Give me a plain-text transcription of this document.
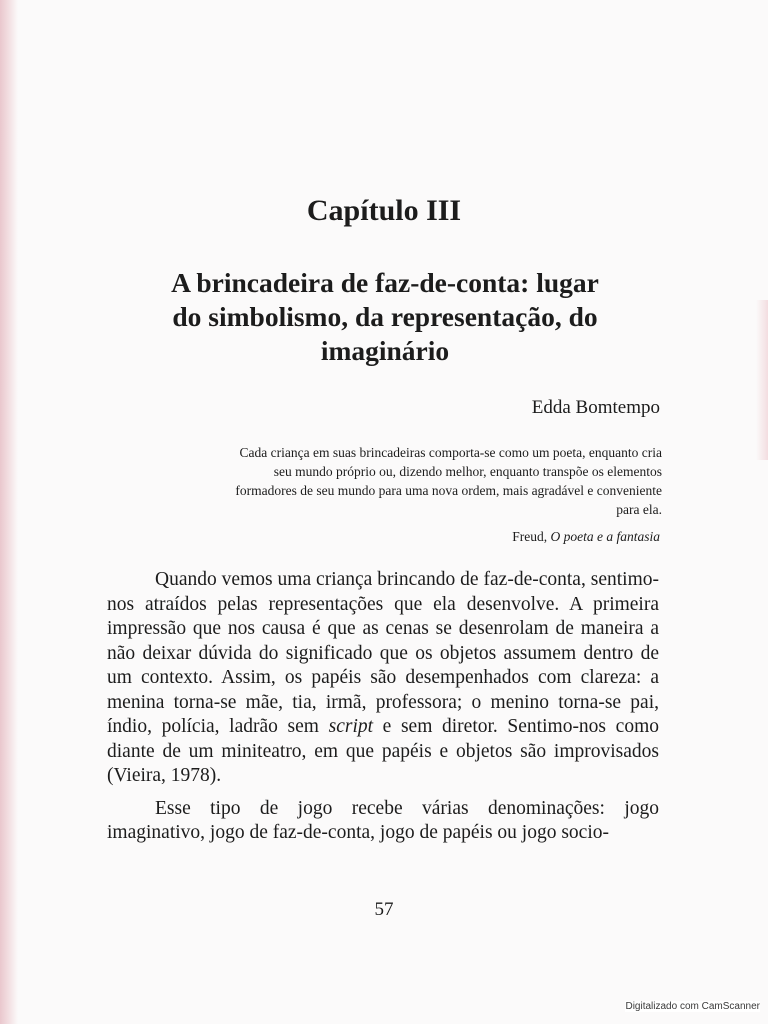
Capítulo III
A brincadeira de faz-de-conta: lugar
do simbolismo, da representação, do
imaginário
Edda Bomtempo
Cada criança em suas brincadeiras comporta-se como um poeta, enquanto cria seu mundo próprio ou, dizendo melhor, enquanto transpõe os elementos formadores de seu mundo para uma nova ordem, mais agradável e conveniente para ela.
Freud, O poeta e a fantasia

Quando vemos uma criança brincando de faz-de-conta, sentimo-nos atraídos pelas representações que ela desenvolve. A primeira impressão que nos causa é que as cenas se desenrolam de maneira a não deixar dúvida do significado que os objetos assumem dentro de um contexto. Assim, os papéis são desempenhados com clareza: a menina torna-se mãe, tia, irmã, professora; o menino torna-se pai, índio, polícia, ladrão sem script e sem diretor. Sentimo-nos como diante de um miniteatro, em que papéis e objetos são improvisados (Vieira, 1978).

Esse tipo de jogo recebe várias denominações: jogo imaginativo, jogo de faz-de-conta, jogo de papéis ou jogo socio-

57
Digitalizado com CamScanner
